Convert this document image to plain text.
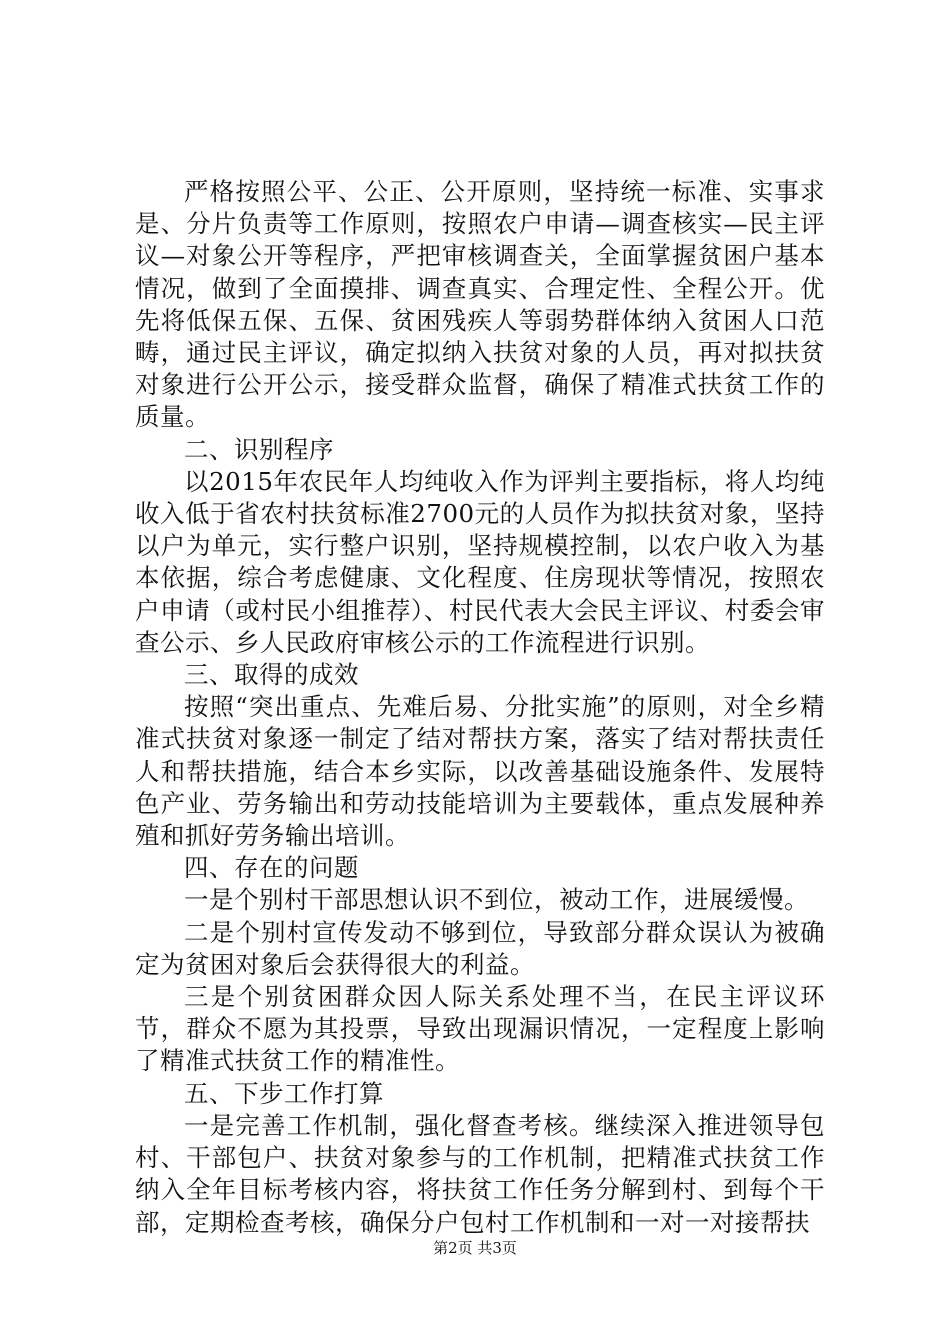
严格按照公平、公正、公开原则，坚持统一标准、实事求是、分片负责等工作原则，按照农户申请—调查核实—民主评议—对象公开等程序，严把审核调查关，全面掌握贫困户基本情况，做到了全面摸排、调查真实、合理定性、全程公开。优先将低保五保、五保、贫困残疾人等弱势群体纳入贫困人口范畴，通过民主评议，确定拟纳入扶贫对象的人员，再对拟扶贫对象进行公开公示，接受群众监督，确保了精准式扶贫工作的质量。

二、识别程序

以2015年农民年人均纯收入作为评判主要指标，将人均纯收入低于省农村扶贫标准2700元的人员作为拟扶贫对象，坚持以户为单元，实行整户识别，坚持规模控制，以农户收入为基本依据，综合考虑健康、文化程度、住房现状等情况，按照农户申请（或村民小组推荐）、村民代表大会民主评议、村委会审查公示、乡人民政府审核公示的工作流程进行识别。

三、取得的成效

按照“突出重点、先难后易、分批实施”的原则，对全乡精准式扶贫对象逐一制定了结对帮扶方案，落实了结对帮扶责任人和帮扶措施，结合本乡实际，以改善基础设施条件、发展特色产业、劳务输出和劳动技能培训为主要载体，重点发展种养殖和抓好劳务输出培训。

四、存在的问题

一是个别村干部思想认识不到位，被动工作，进展缓慢。

二是个别村宣传发动不够到位，导致部分群众误认为被确定为贫困对象后会获得很大的利益。

三是个别贫困群众因人际关系处理不当，在民主评议环节，群众不愿为其投票，导致出现漏识情况，一定程度上影响了精准式扶贫工作的精准性。

五、下步工作打算

一是完善工作机制，强化督查考核。继续深入推进领导包村、干部包户、扶贫对象参与的工作机制，把精准式扶贫工作纳入全年目标考核内容，将扶贫工作任务分解到村、到每个干部，定期检查考核，确保分户包村工作机制和一对一对接帮扶

第2页 共3页
